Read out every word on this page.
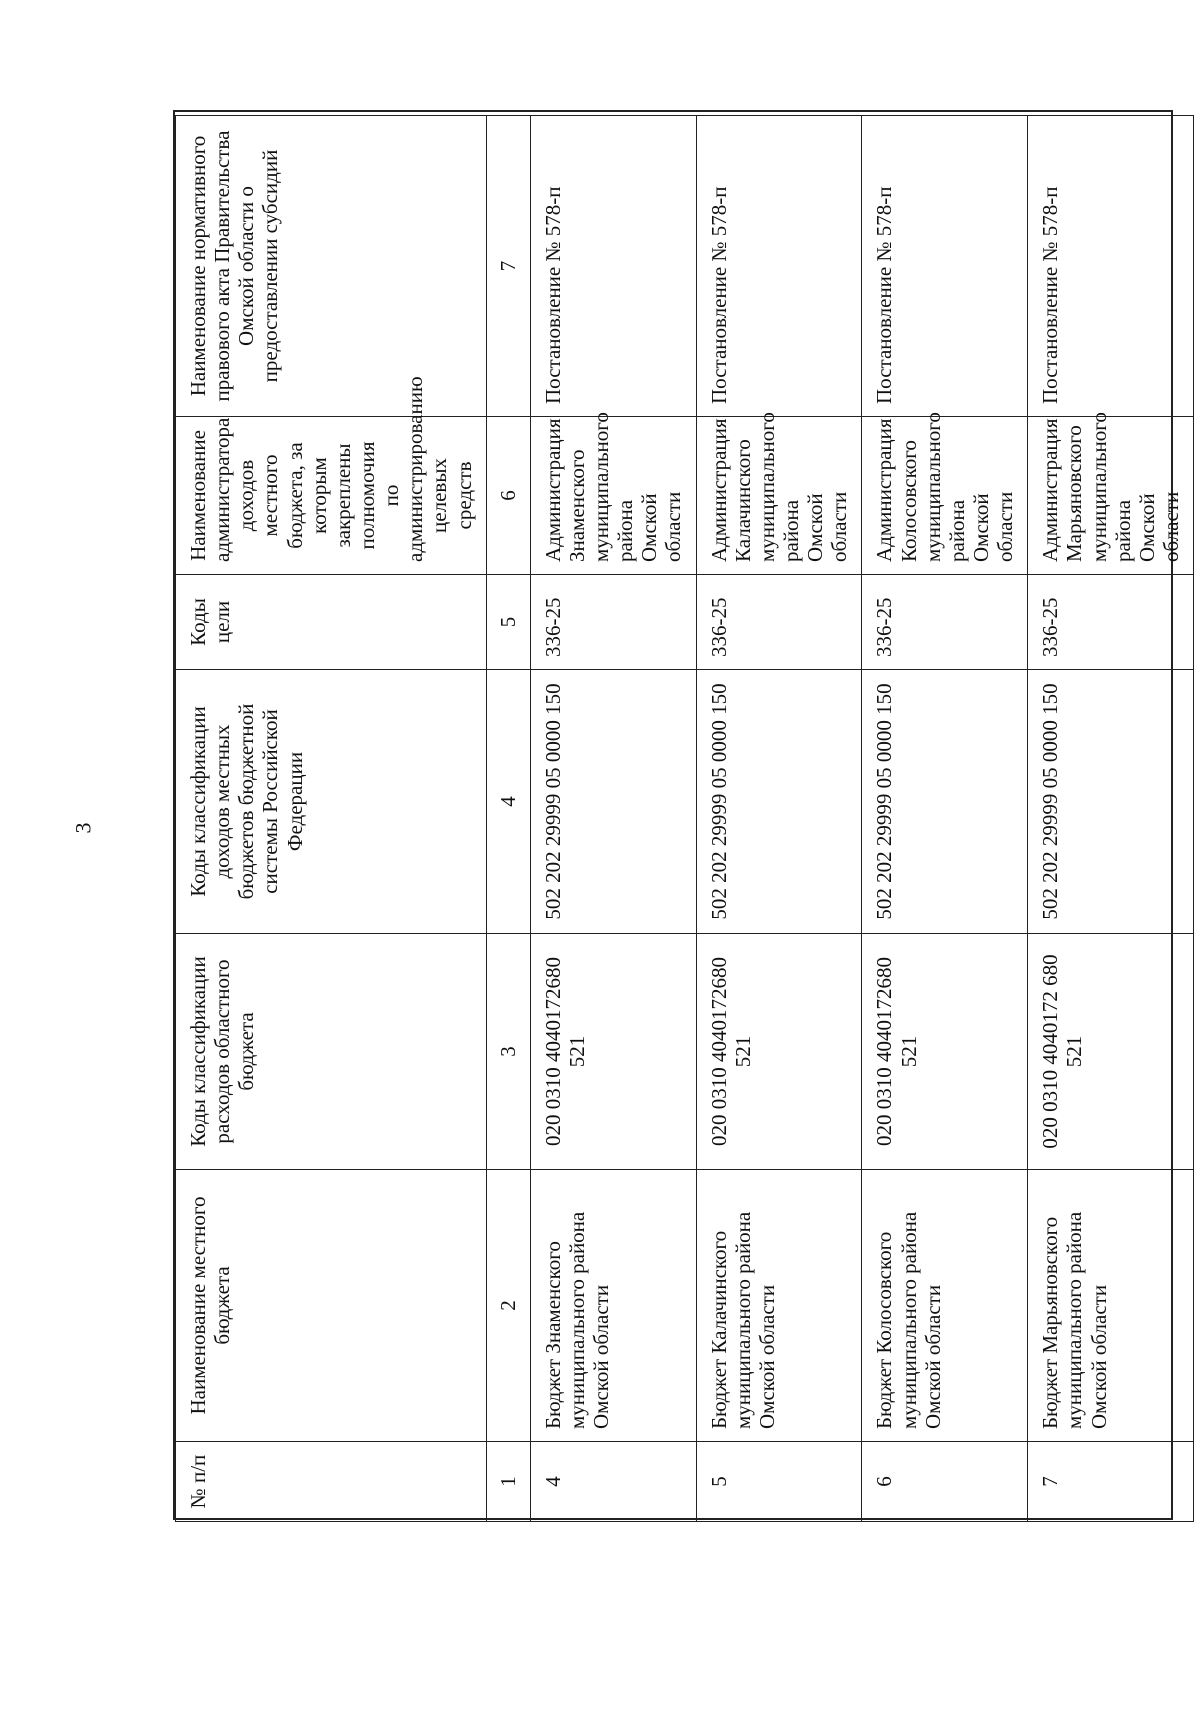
3
№ п/п	Наименование местного бюджета	Коды классификации расходов областного бюджета	Коды классификации доходов местных бюджетов бюджетной системы Российской Федерации	Коды цели	Наименование администратора доходов местного бюджета, за которым закреплены полномочия по администрированию целевых средств	Наименование нормативного правового акта Правительства Омской области о предоставлении субсидий
1	2	3	4	5	6	7
4	Бюджет Знаменского муниципального района Омской области	020 0310 4040172680 521	502 202 29999 05 0000 150	336-25	Администрация Знаменского муниципального района Омской области	Постановление № 578-п
5	Бюджет Калачинского муниципального района Омской области	020 0310 4040172680 521	502 202 29999 05 0000 150	336-25	Администрация Калачинского муниципального района Омской области	Постановление № 578-п
6	Бюджет Колосовского муниципального района Омской области	020 0310 4040172680 521	502 202 29999 05 0000 150	336-25	Администрация Колосовского муниципального района Омской области	Постановление № 578-п
7	Бюджет Марьяновского муниципального района Омской области	020 0310 4040172 680 521	502 202 29999 05 0000 150	336-25	Администрация Марьяновского муниципального района Омской области	Постановление № 578-п
